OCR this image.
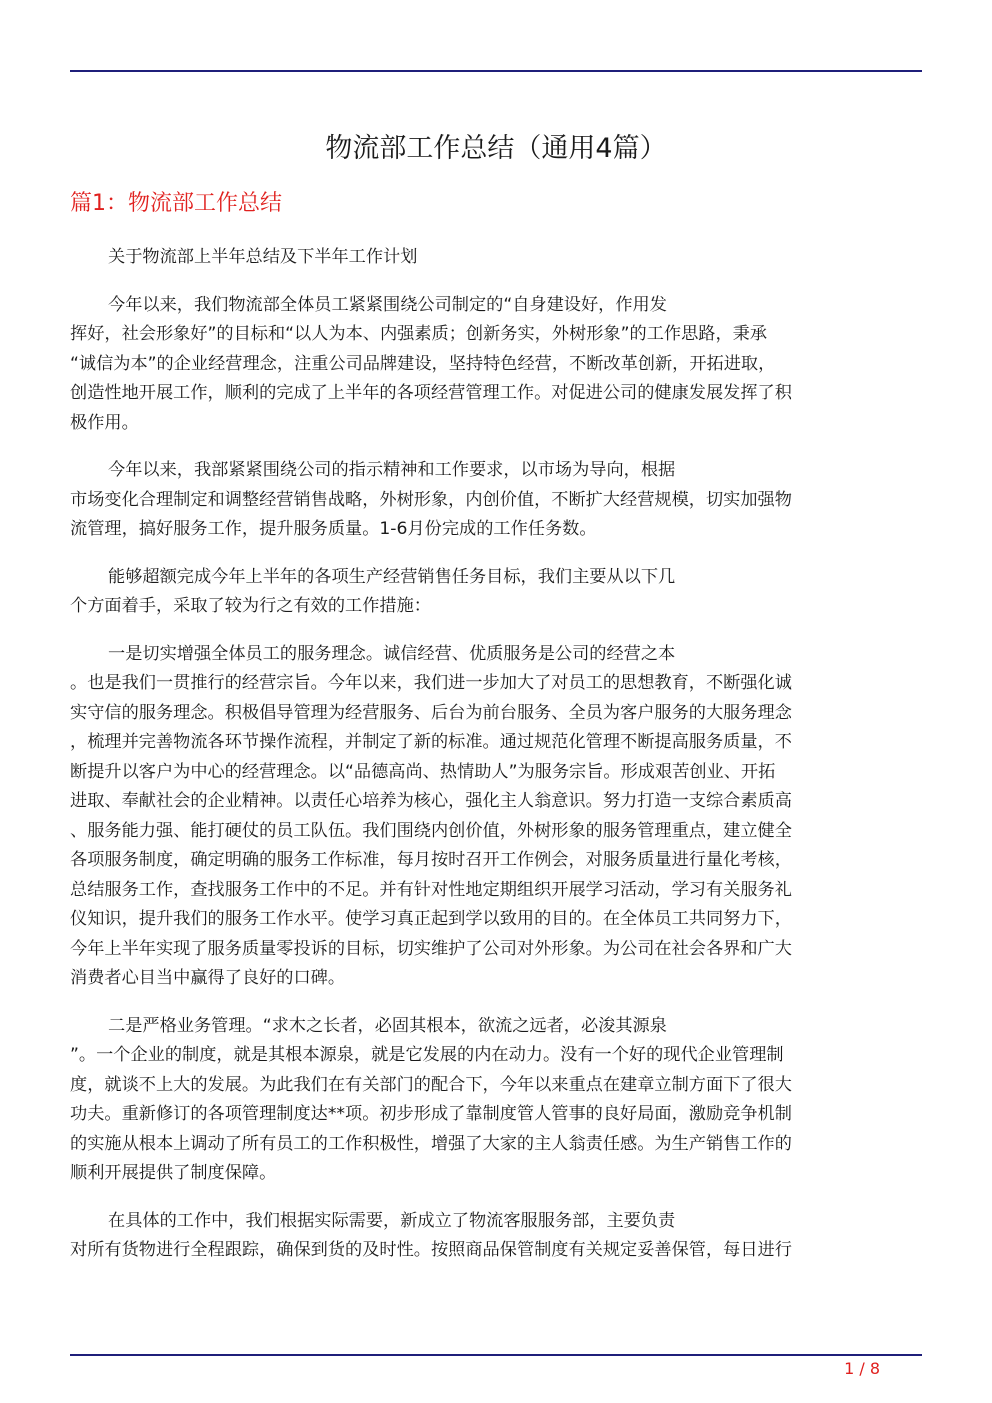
物流部工作总结（通用4篇）
篇1：物流部工作总结

关于物流部上半年总结及下半年工作计划

今年以来，我们物流部全体员工紧紧围绕公司制定的“自身建设好，作用发
挥好，社会形象好”的目标和“以人为本、内强素质；创新务实，外树形象”的工作思路，秉承
“诚信为本”的企业经营理念，注重公司品牌建设，坚持特色经营，不断改革创新，开拓进取，
创造性地开展工作，顺利的完成了上半年的各项经营管理工作。对促进公司的健康发展发挥了积
极作用。

今年以来，我部紧紧围绕公司的指示精神和工作要求，以市场为导向，根据
市场变化合理制定和调整经营销售战略，外树形象，内创价值，不断扩大经营规模，切实加强物
流管理，搞好服务工作，提升服务质量。1-6月份完成的工作任务数。

能够超额完成今年上半年的各项生产经营销售任务目标，我们主要从以下几
个方面着手，采取了较为行之有效的工作措施：

一是切实增强全体员工的服务理念。诚信经营、优质服务是公司的经营之本
。也是我们一贯推行的经营宗旨。今年以来，我们进一步加大了对员工的思想教育，不断强化诚
实守信的服务理念。积极倡导管理为经营服务、后台为前台服务、全员为客户服务的大服务理念
，梳理并完善物流各环节操作流程，并制定了新的标准。通过规范化管理不断提高服务质量，不
断提升以客户为中心的经营理念。以“品德高尚、热情助人”为服务宗旨。形成艰苦创业、开拓
进取、奉献社会的企业精神。以责任心培养为核心，强化主人翁意识。努力打造一支综合素质高
、服务能力强、能打硬仗的员工队伍。我们围绕内创价值，外树形象的服务管理重点，建立健全
各项服务制度，确定明确的服务工作标准，每月按时召开工作例会，对服务质量进行量化考核，
总结服务工作，查找服务工作中的不足。并有针对性地定期组织开展学习活动，学习有关服务礼
仪知识，提升我们的服务工作水平。使学习真正起到学以致用的目的。在全体员工共同努力下，
今年上半年实现了服务质量零投诉的目标，切实维护了公司对外形象。为公司在社会各界和广大
消费者心目当中赢得了良好的口碑。

二是严格业务管理。“求木之长者，必固其根本，欲流之远者，必浚其源泉
”。一个企业的制度，就是其根本源泉，就是它发展的内在动力。没有一个好的现代企业管理制
度，就谈不上大的发展。为此我们在有关部门的配合下，今年以来重点在建章立制方面下了很大
功夫。重新修订的各项管理制度达**项。初步形成了靠制度管人管事的良好局面，激励竞争机制
的实施从根本上调动了所有员工的工作积极性，增强了大家的主人翁责任感。为生产销售工作的
顺利开展提供了制度保障。

在具体的工作中，我们根据实际需要，新成立了物流客服服务部，主要负责
对所有货物进行全程跟踪，确保到货的及时性。按照商品保管制度有关规定妥善保管，每日进行

1 / 8
